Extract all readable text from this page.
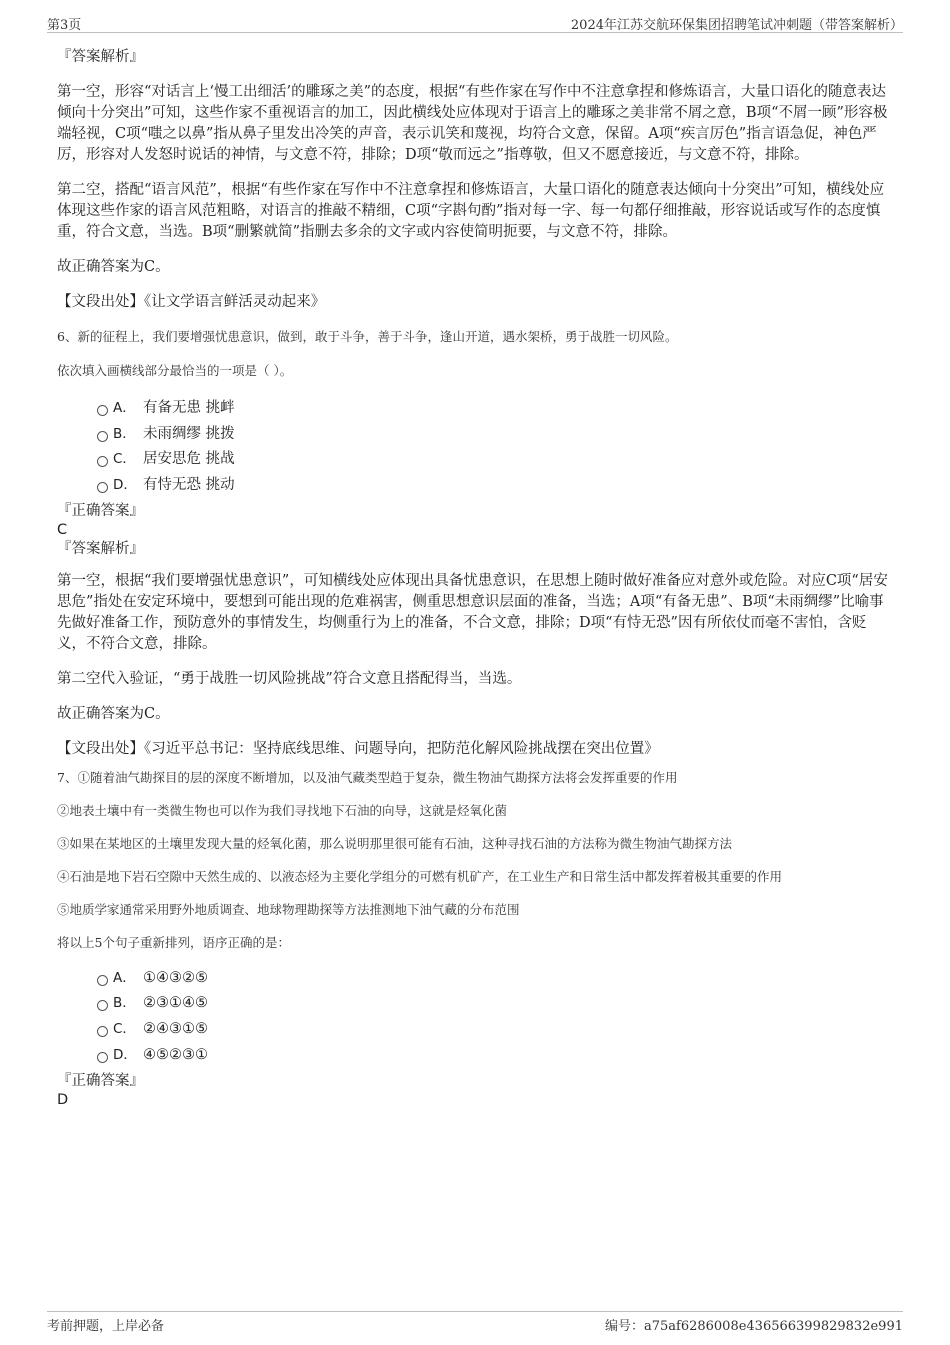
第3页	2024年江苏交航环保集团招聘笔试冲刺题（带答案解析）

『答案解析』

第一空，形容“对话言上‘慢工出细活’的雕琢之美”的态度，根据“有些作家在写作中不注意拿捏和修炼语言，大量口语化的随意表达倾向十分突出”可知，这些作家不重视语言的加工，因此横线处应体现对于语言上的雕琢之美非常不屑之意，B项“不屑一顾”形容极端轻视，C项“嗤之以鼻”指从鼻子里发出冷笑的声音，表示讥笑和蔑视，均符合文意，保留。A项“疾言厉色”指言语急促，神色严厉，形容对人发怒时说话的神情，与文意不符，排除；D项“敬而远之”指尊敬，但又不愿意接近，与文意不符，排除。

第二空，搭配“语言风范”，根据“有些作家在写作中不注意拿捏和修炼语言，大量口语化的随意表达倾向十分突出”可知，横线处应体现这些作家的语言风范粗略，对语言的推敲不精细，C项“字斟句酌”指对每一字、每一句都仔细推敲，形容说话或写作的态度慎重，符合文意，当选。B项“删繁就简”指删去多余的文字或内容使简明扼要，与文意不符，排除。

故正确答案为C。

【文段出处】《让文学语言鲜活灵动起来》

6、新的征程上，我们要增强忧患意识，做到，敢于斗争，善于斗争，逢山开道，遇水架桥，勇于战胜一切风险。

依次填入画横线部分最恰当的一项是（ ）。

A． 有备无患 挑衅
B． 未雨绸缪 挑拨
C． 居安思危 挑战
D． 有恃无恐 挑动

『正确答案』

C

『答案解析』

第一空，根据“我们要增强忧患意识”，可知横线处应体现出具备忧患意识，在思想上随时做好准备应对意外或危险。对应C项“居安思危”指处在安定环境中，要想到可能出现的危难祸害，侧重思想意识层面的准备，当选；A项“有备无患”、B项“未雨绸缪”比喻事先做好准备工作，预防意外的事情发生，均侧重行为上的准备，不合文意，排除；D项“有恃无恐”因有所依仗而毫不害怕，含贬义，不符合文意，排除。

第二空代入验证，“勇于战胜一切风险挑战”符合文意且搭配得当，当选。

故正确答案为C。

【文段出处】《习近平总书记：坚持底线思维、问题导向，把防范化解风险挑战摆在突出位置》

7、①随着油气勘探目的层的深度不断增加，以及油气藏类型趋于复杂，微生物油气勘探方法将会发挥重要的作用

②地表土壤中有一类微生物也可以作为我们寻找地下石油的向导，这就是烃氧化菌

③如果在某地区的土壤里发现大量的烃氧化菌，那么说明那里很可能有石油，这种寻找石油的方法称为微生物油气勘探方法

④石油是地下岩石空隙中天然生成的、以液态烃为主要化学组分的可燃有机矿产，在工业生产和日常生活中都发挥着极其重要的作用

⑤地质学家通常采用野外地质调查、地球物理勘探等方法推测地下油气藏的分布范围

将以上5个句子重新排列，语序正确的是：

A． ①④③②⑤
B． ②③①④⑤
C． ②④③①⑤
D． ④⑤②③①

『正确答案』

D

考前押题，上岸必备	编号：a75af6286008e436566399829832e991
